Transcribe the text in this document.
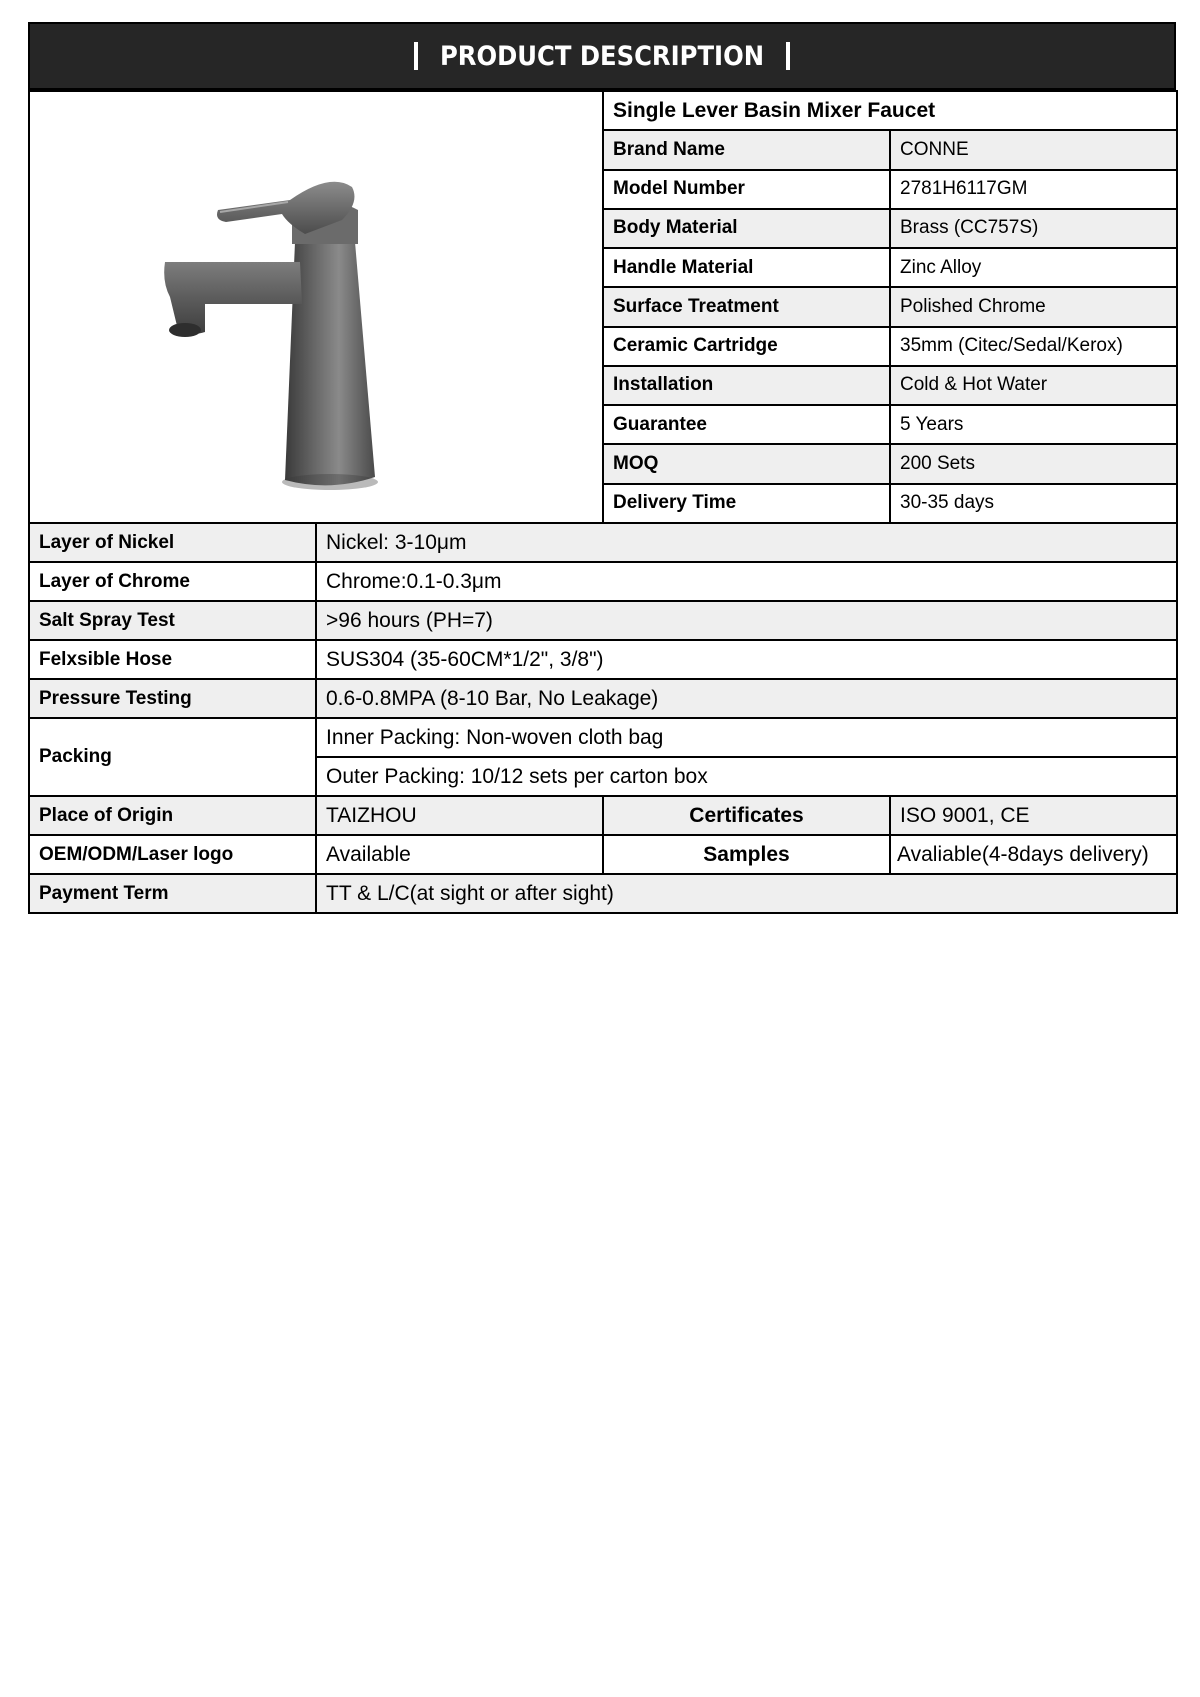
PRODUCT DESCRIPTION
	Single Lever Basin Mixer Faucet	
		Brand Name	CONNE
		Model Number	2781H6117GM
		Body Material	Brass (CC757S)
		Handle Material	Zinc Alloy
		Surface Treatment	Polished Chrome
		Ceramic Cartridge	35mm (Citec/Sedal/Kerox)
		Installation	Cold & Hot Water
		Guarantee	5 Years
		MOQ	200 Sets
		Delivery Time	30-35 days
Layer of Nickel	Nickel: 3-10μm		
Layer of Chrome	Chrome:0.1-0.3μm		
Salt Spray Test	>96 hours (PH=7)		
Felxsible Hose	SUS304 (35-60CM*1/2", 3/8")		
Pressure Testing	0.6-0.8MPA (8-10 Bar, No Leakage)		
Packing	Inner Packing: Non-woven cloth bag		
	Outer Packing: 10/12 sets per carton box		
Place of Origin	TAIZHOU	Certificates	ISO 9001, CE
OEM/ODM/Laser logo	Available	Samples	Avaliable(4-8days delivery)
Payment Term	TT & L/C(at sight or after sight)		
